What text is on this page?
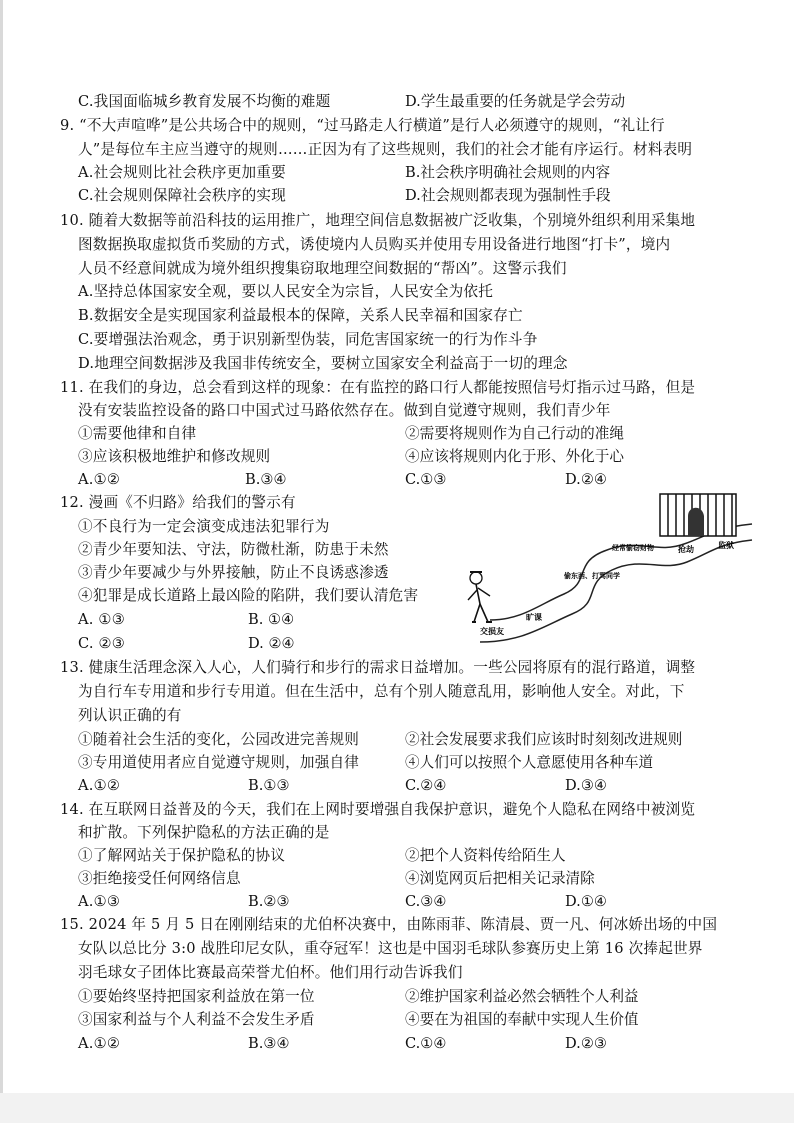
C.我国面临城乡教育发展不均衡的难题	D.学生最重要的任务就是学会劳动
9. “不大声喧哗”是公共场合中的规则，“过马路走人行横道”是行人必须遵守的规则，“礼让行
人”是每位车主应当遵守的规则……正因为有了这些规则，我们的社会才能有序运行。材料表明
A.社会规则比社会秩序更加重要	B.社会秩序明确社会规则的内容
C.社会规则保障社会秩序的实现	D.社会规则都表现为强制性手段
10. 随着大数据等前沿科技的运用推广，地理空间信息数据被广泛收集，个别境外组织利用采集地
图数据换取虚拟货币奖励的方式，诱使境内人员购买并使用专用设备进行地图“打卡”，境内
人员不经意间就成为境外组织搜集窃取地理空间数据的“帮凶”。这警示我们
A.坚持总体国家安全观，要以人民安全为宗旨，人民安全为依托
B.数据安全是实现国家利益最根本的保障，关系人民幸福和国家存亡
C.要增强法治观念，勇于识别新型伪装，同危害国家统一的行为作斗争
D.地理空间数据涉及我国非传统安全，要树立国家安全利益高于一切的理念
11. 在我们的身边，总会看到这样的现象：在有监控的路口行人都能按照信号灯指示过马路，但是
没有安装监控设备的路口中国式过马路依然存在。做到自觉遵守规则，我们青少年
①需要他律和自律	②需要将规则作为自己行动的准绳
③应该积极地维护和修改规则	④应该将规则内化于形、外化于心
A.①②	B.③④	C.①③	D.②④
12. 漫画《不归路》给我们的警示有
①不良行为一定会演变成违法犯罪行为
②青少年要知法、守法，防微杜渐，防患于未然
③青少年要减少与外界接触，防止不良诱惑渗透
④犯罪是成长道路上最凶险的陷阱，我们要认清危害
A. ①③	B. ①④
C. ②③	D. ②④
交损友
旷课
偷东西、打骂同学
经常偷窃财物	抢劫	监狱
13. 健康生活理念深入人心，人们骑行和步行的需求日益增加。一些公园将原有的混行路道，调整
为自行车专用道和步行专用道。但在生活中，总有个别人随意乱用，影响他人安全。对此，下
列认识正确的有
①随着社会生活的变化，公园改进完善规则	②社会发展要求我们应该时时刻刻改进规则
③专用道使用者应自觉遵守规则，加强自律	④人们可以按照个人意愿使用各种车道
A.①②	B.①③	C.②④	D.③④
14. 在互联网日益普及的今天，我们在上网时要增强自我保护意识，避免个人隐私在网络中被浏览
和扩散。下列保护隐私的方法正确的是
①了解网站关于保护隐私的协议	②把个人资料传给陌生人
③拒绝接受任何网络信息	④浏览网页后把相关记录清除
A.①③	B.②③	C.③④	D.①④
15. 2024 年 5 月 5 日在刚刚结束的尤伯杯决赛中，由陈雨菲、陈清晨、贾一凡、何冰娇出场的中国
女队以总比分 3:0 战胜印尼女队，重夺冠军！这也是中国羽毛球队参赛历史上第 16 次捧起世界
羽毛球女子团体比赛最高荣誉尤伯杯。他们用行动告诉我们
①要始终坚持把国家利益放在第一位	②维护国家利益必然会牺牲个人利益
③国家利益与个人利益不会发生矛盾	④要在为祖国的奉献中实现人生价值
A.①②	B.③④	C.①④	D.②③
